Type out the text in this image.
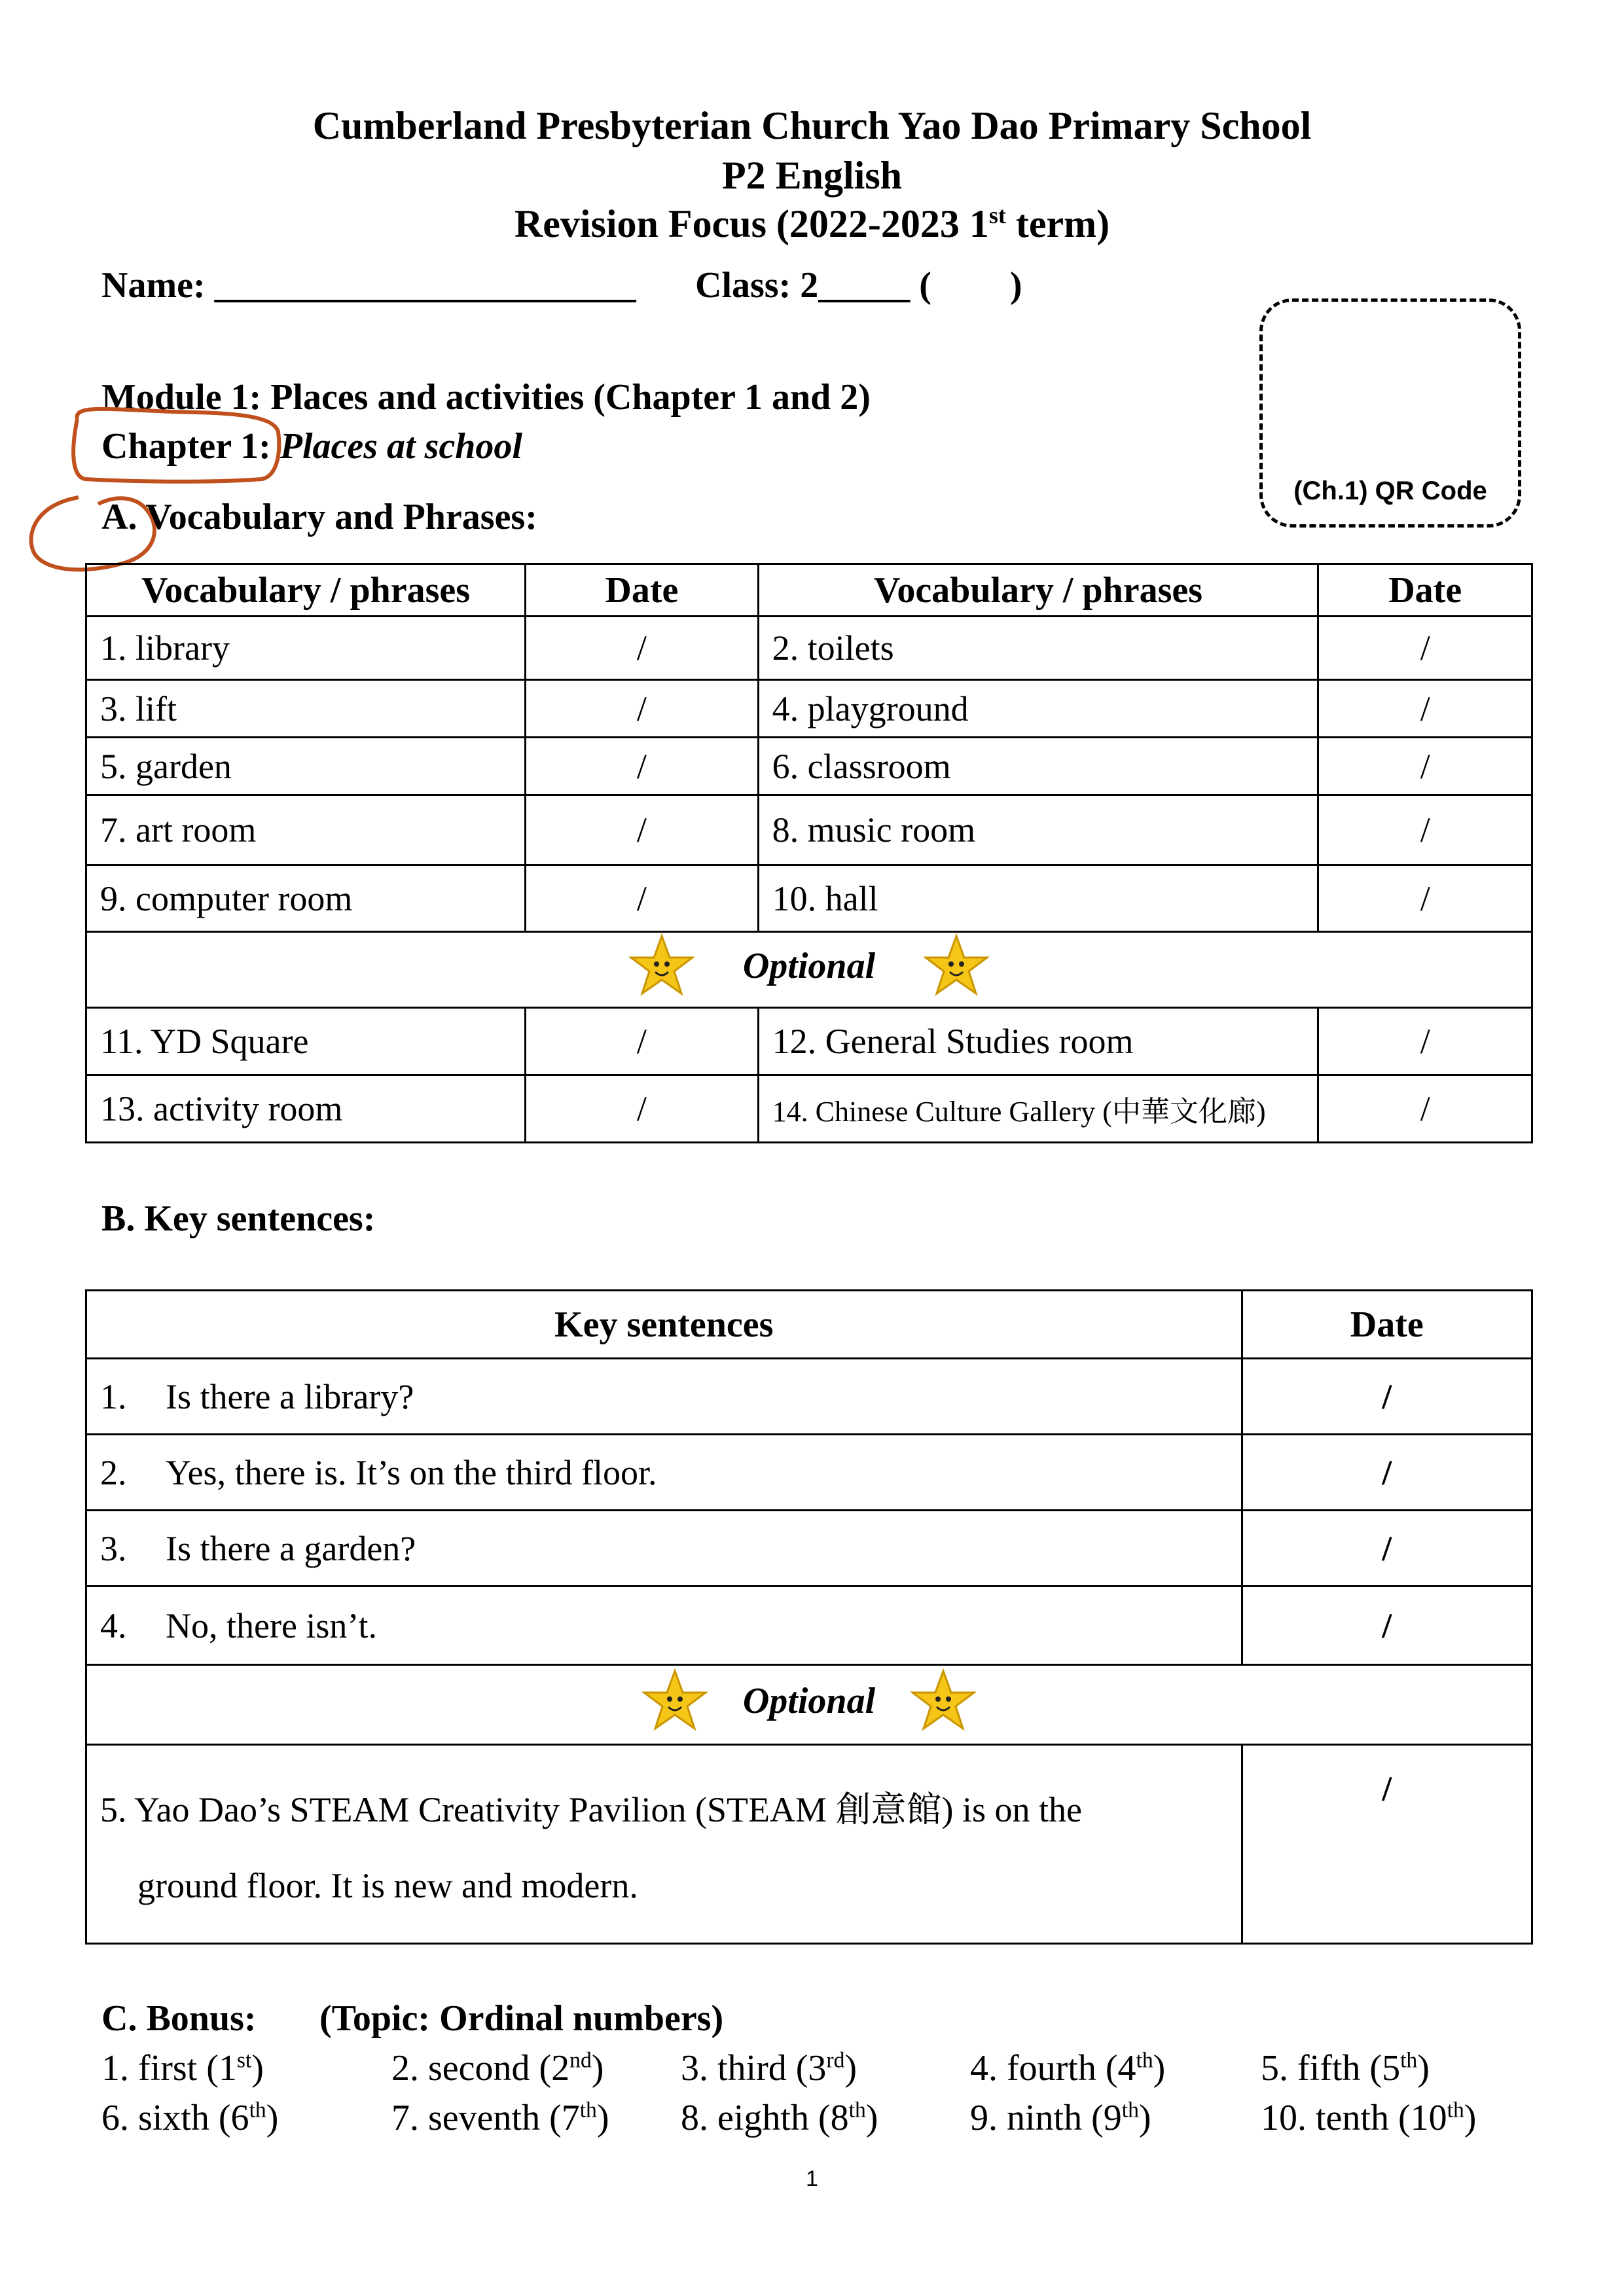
Cumberland Presbyterian Church Yao Dao Primary School
P2 English
Revision Focus (2022-2023 1st term)
Name: _______________________ Class: 2_____ ( )
(Ch.1) QR Code
Module 1: Places and activities (Chapter 1 and 2)
Chapter 1: Places at school
A. Vocabulary and Phrases:
Vocabulary / phrases	Date	Vocabulary / phrases	Date
1. library	/	2. toilets	/
3. lift	/	4. playground	/
5. garden	/	6. classroom	/
7. art room	/	8. music room	/
9. computer room	/	10. hall	/
Optional			
11. YD Square	/	12. General Studies room	/
13. activity room	/	14. Chinese Culture Gallery (中華文化廊)	/
B. Key sentences:
Key sentences	Date
1. Is there a library?	/
2. Yes, there is. It’s on the third floor.	/
3. Is there a garden?	/
4. No, there isn’t.	/
Optional	

5. Yao Dao’s STEAM Creativity Pavilion (STEAM 創意館) is on the
ground floor. It is new and modern.	/
C. Bonus: (Topic: Ordinal numbers)
1. first (1st)	2. second (2nd) 3. third (3rd)	4. fourth (4th)	5. fifth (5th)
6. sixth (6th)	7. seventh (7th) 8. eighth (8th)	9. ninth (9th)	10. tenth (10th)
1
